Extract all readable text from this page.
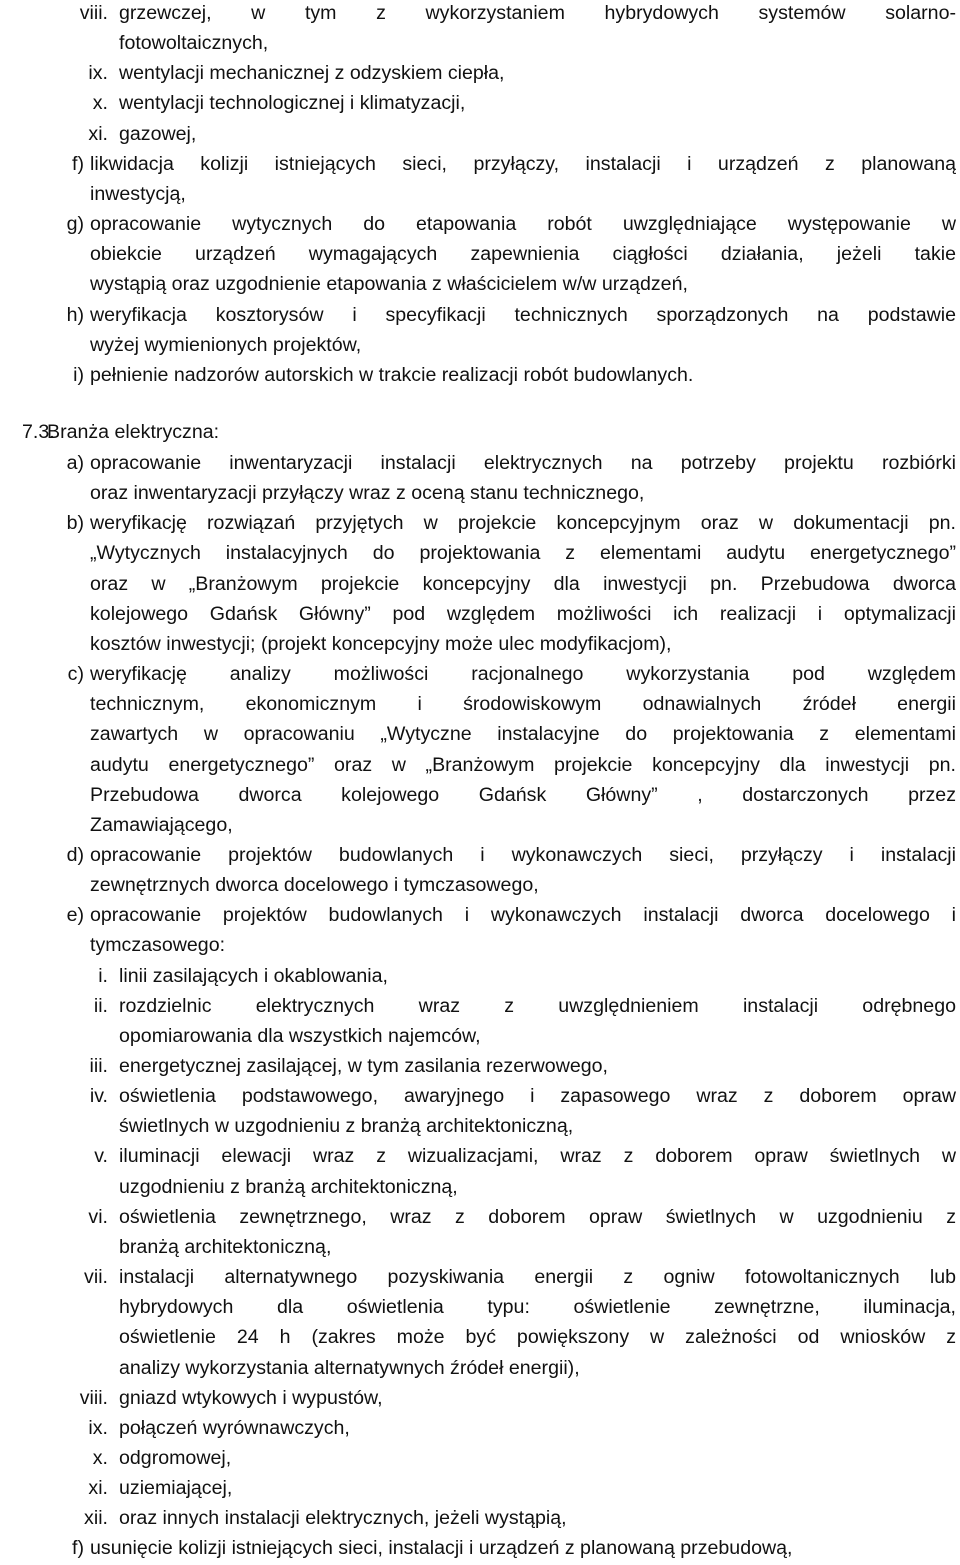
viii. grzewczej, w tym z wykorzystaniem hybrydowych systemów solarno-
fotowoltaicznych,
ix. wentylacji mechanicznej z odzyskiem ciepła,
x. wentylacji technologicznej i klimatyzacji,
xi. gazowej,
f) likwidacja kolizji istniejących sieci, przyłączy, instalacji i urządzeń z planowaną
inwestycją,
g) opracowanie wytycznych do etapowania robót uwzględniające występowanie w
obiekcie urządzeń wymagających zapewnienia ciągłości działania, jeżeli takie
wystąpią oraz uzgodnienie etapowania z właścicielem w/w urządzeń,
h) weryfikacja kosztorysów i specyfikacji technicznych sporządzonych na podstawie
wyżej wymienionych projektów,
i) pełnienie nadzorów autorskich w trakcie realizacji robót budowlanych.
7.3.
Branża elektryczna:
a) opracowanie inwentaryzacji instalacji elektrycznych na potrzeby projektu rozbiórki
oraz inwentaryzacji przyłączy wraz z oceną stanu technicznego,
b) weryfikację rozwiązań przyjętych w projekcie koncepcyjnym oraz w dokumentacji pn.
„Wytycznych instalacyjnych do projektowania z elementami audytu energetycznego”
oraz w „Branżowym projekcie koncepcyjny dla inwestycji pn. Przebudowa dworca
kolejowego Gdańsk Główny” pod względem możliwości ich realizacji i optymalizacji
kosztów inwestycji; (projekt koncepcyjny może ulec modyfikacjom),
c) weryfikację analizy możliwości racjonalnego wykorzystania pod względem
technicznym, ekonomicznym i środowiskowym odnawialnych źródeł energii
zawartych w opracowaniu „Wytyczne instalacyjne do projektowania z elementami
audytu energetycznego” oraz w „Branżowym projekcie koncepcyjny dla inwestycji pn.
Przebudowa dworca kolejowego Gdańsk Główny” , dostarczonych przez
Zamawiającego,
d) opracowanie projektów budowlanych i wykonawczych sieci, przyłączy i instalacji
zewnętrznych dworca docelowego i tymczasowego,
e) opracowanie projektów budowlanych i wykonawczych instalacji dworca docelowego i
tymczasowego:
i. linii zasilających i okablowania,
ii. rozdzielnic elektrycznych wraz z uwzględnieniem instalacji odrębnego
opomiarowania dla wszystkich najemców,
iii. energetycznej zasilającej, w tym zasilania rezerwowego,
iv. oświetlenia podstawowego, awaryjnego i zapasowego wraz z doborem opraw
świetlnych w uzgodnieniu z branżą architektoniczną,
v. iluminacji elewacji wraz z wizualizacjami, wraz z doborem opraw świetlnych w
uzgodnieniu z branżą architektoniczną,
vi. oświetlenia zewnętrznego, wraz z doborem opraw świetlnych w uzgodnieniu z
branżą architektoniczną,
vii. instalacji alternatywnego pozyskiwania energii z ogniw fotowoltanicznych lub
hybrydowych dla oświetlenia typu: oświetlenie zewnętrzne, iluminacja,
oświetlenie 24 h (zakres może być powiększony w zależności od wniosków z
analizy wykorzystania alternatywnych źródeł energii),
viii. gniazd wtykowych i wypustów,
ix. połączeń wyrównawczych,
x. odgromowej,
xi. uziemiającej,
xii. oraz innych instalacji elektrycznych, jeżeli wystąpią,
f) usunięcie kolizji istniejących sieci, instalacji i urządzeń z planowaną przebudową,
